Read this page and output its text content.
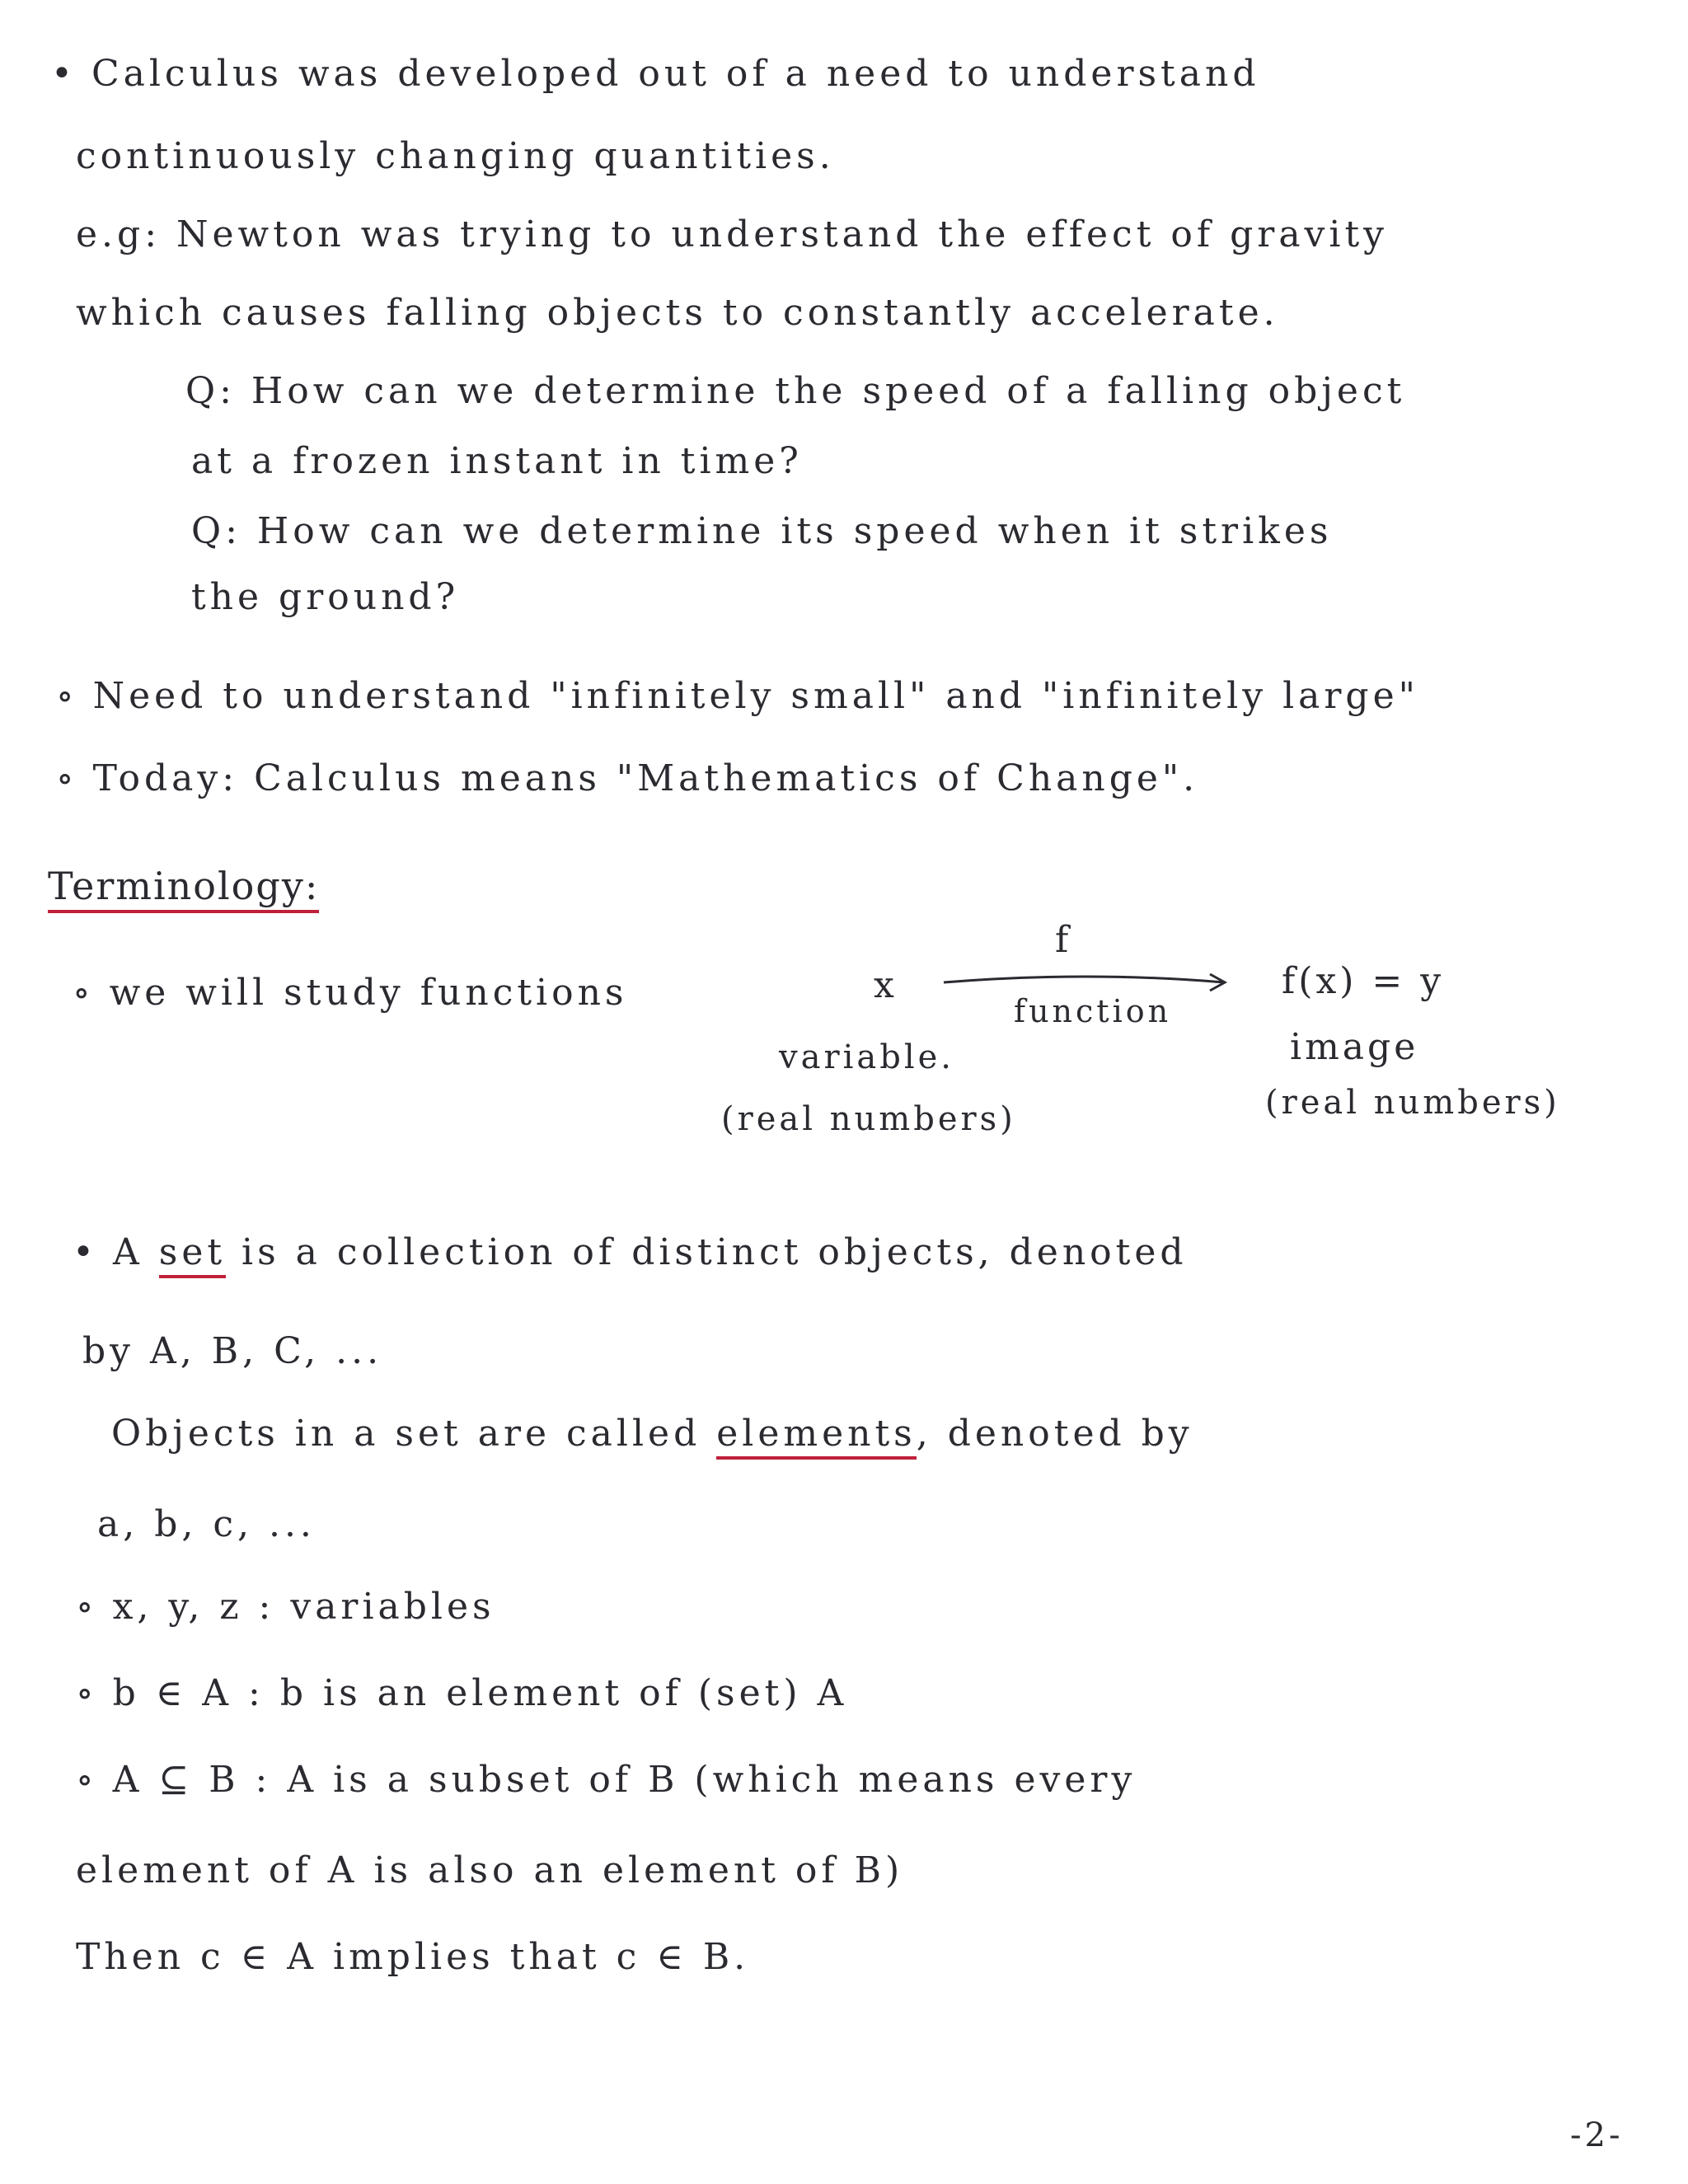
• Calculus was developed out of a need to understand
continuously changing quantities.
e.g: Newton was trying to understand the effect of gravity
which causes falling objects to constantly accelerate.
Q: How can we determine the speed of a falling object
at a frozen instant in time?
Q: How can we determine its speed when it strikes
the ground?
∘ Need to understand "infinitely small" and "infinitely large"
∘ Today: Calculus means "Mathematics of Change".
Terminology:
∘ we will study functions	x
f
function
f(x) = y
variable.	image
(real numbers)	(real numbers)
• A set is a collection of distinct objects, denoted
by A, B, C, ...
Objects in a set are called elements, denoted by
a, b, c, ...
∘ x, y, z : variables
∘ b ∈ A : b is an element of (set) A
∘ A ⊆ B : A is a subset of B (which means every
element of A is also an element of B)
Then c ∈ A implies that c ∈ B.
-2-
